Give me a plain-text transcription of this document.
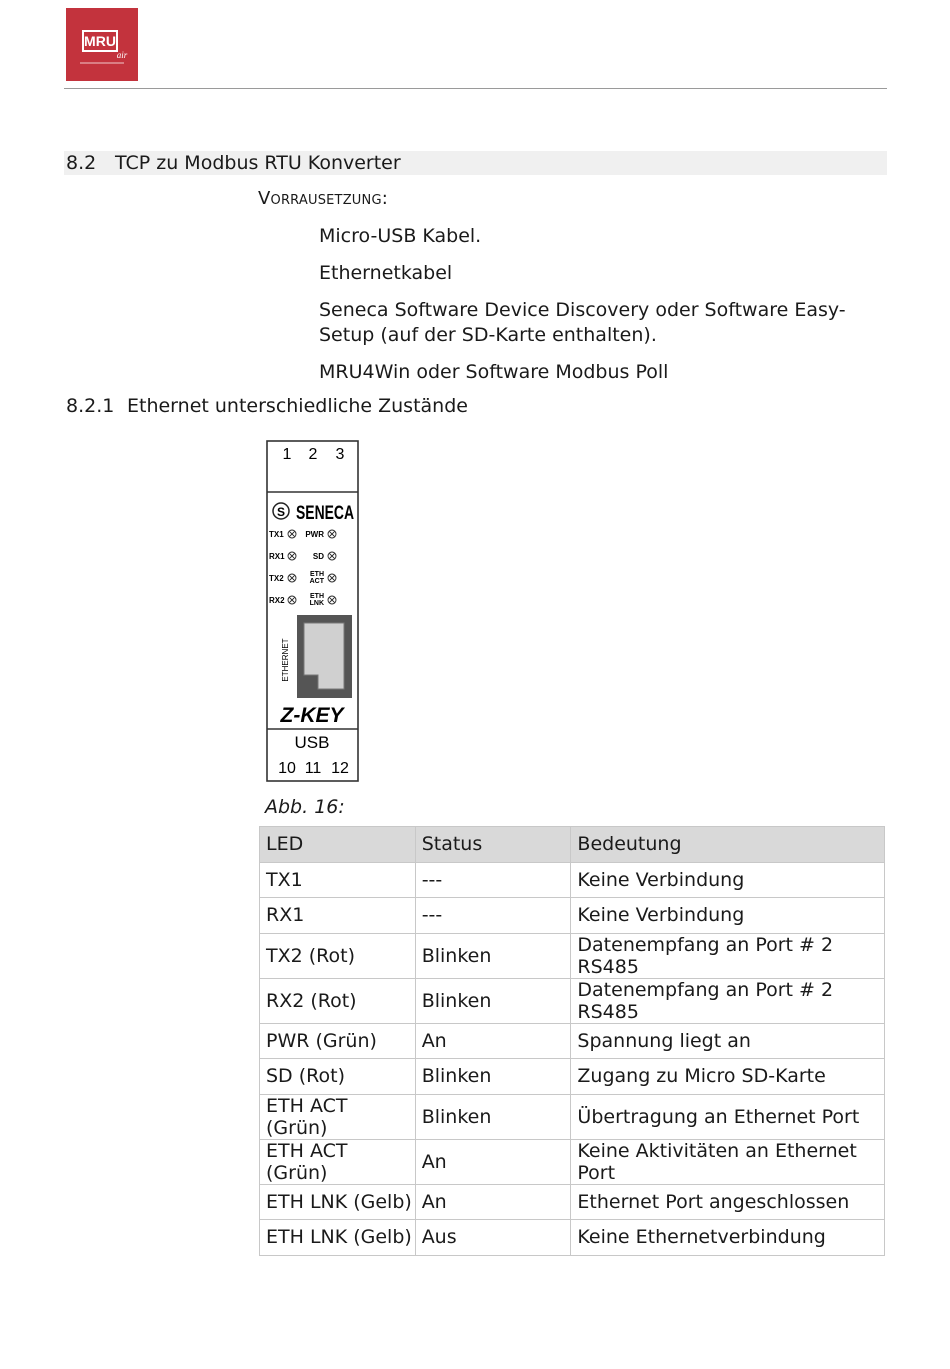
MRU
air
8.2 TCP zu Modbus RTU Konverter
Vorrausetzung:
Micro-USB Kabel.
Ethernetkabel
Seneca Software Device Discovery oder Software Easy-Setup (auf der SD-Karte enthalten).
MRU4Win oder Software Modbus Poll
8.2.1 Ethernet unterschiedliche Zustände
1 2 3
S SENECA
TX1
RX1
TX2
RX2
PWR
SD
ETH ACT
ETH LNK
ETHERNET
Z-KEY
USB
10 11 12
Abb. 16:
LED	Status	Bedeutung
TX1	---	Keine Verbindung
RX1	---	Keine Verbindung
TX2 (Rot)	Blinken	Datenempfang an Port # 2 RS485
RX2 (Rot)	Blinken	Datenempfang an Port # 2 RS485
PWR (Grün)	An	Spannung liegt an
SD (Rot)	Blinken	Zugang zu Micro SD-Karte
ETH ACT (Grün)	Blinken	Übertragung an Ethernet Port
ETH ACT (Grün)	An	Keine Aktivitäten an Ethernet Port
ETH LNK (Gelb)	An	Ethernet Port angeschlossen
ETH LNK (Gelb)	Aus	Keine Ethernetverbindung
